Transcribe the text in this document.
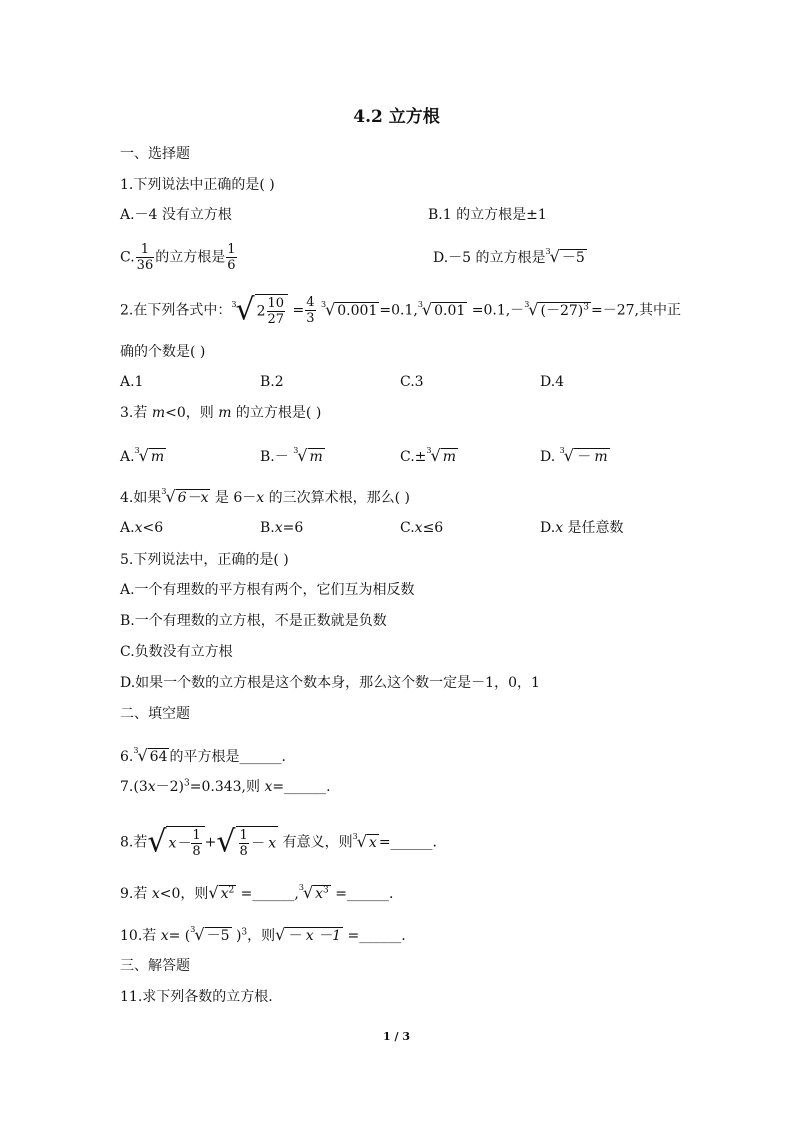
4.2 立方根
一、选择题
1.下列说法中正确的是( )
A.－4 没有立方根	B.1 的立方根是±1
C. $\frac{1}{36}$ 的立方根是 $\frac{1}{6}$	D.－5 的立方根是$^3$√ －5
2.在下列各式中：$^3$√ $2 \frac{10}{27} = \frac{4}{3} ^3√$ 0.001 =0.1,$^3$√ 0.01 =0.1,－$^3$√ $(-27)^3 =-27$,其中正
确的个数是( )
A.1	B.2	C.3	D.4
3.若 m<0，则 m 的立方根是( )
A.$^3$√ m	B.－ $^3$√ m	C.±$^3$√ m	D. $^3$√ － m
4.如果$^3$√ 6－x 是 6－x 的三次算术根，那么( )
A.x<6	B.x=6	C.x≤6	D.x 是任意数
5.下列说法中，正确的是( )
A.一个有理数的平方根有两个，它们互为相反数
B.一个有理数的立方根，不是正数就是负数
C.负数没有立方根
D.如果一个数的立方根是这个数本身，那么这个数一定是－1，0，1
二、填空题
6.$^3$√ 64 的平方根是______.
$7.(3x-2)^3=0.343$,则 x=______.
8.若√ $x- \frac{1}{8}$ +√ $\frac{1}{8} - x$ 有意义，则$^3$√ x =______.
9.若 x<0，则√ $x^2$ =______,$^3$√ $x^3$ =______.
10.若 x= ($^3$√ －5 )$^3$，则√ － x －1 =______.
三、解答题
11.求下列各数的立方根.
1 / 3
